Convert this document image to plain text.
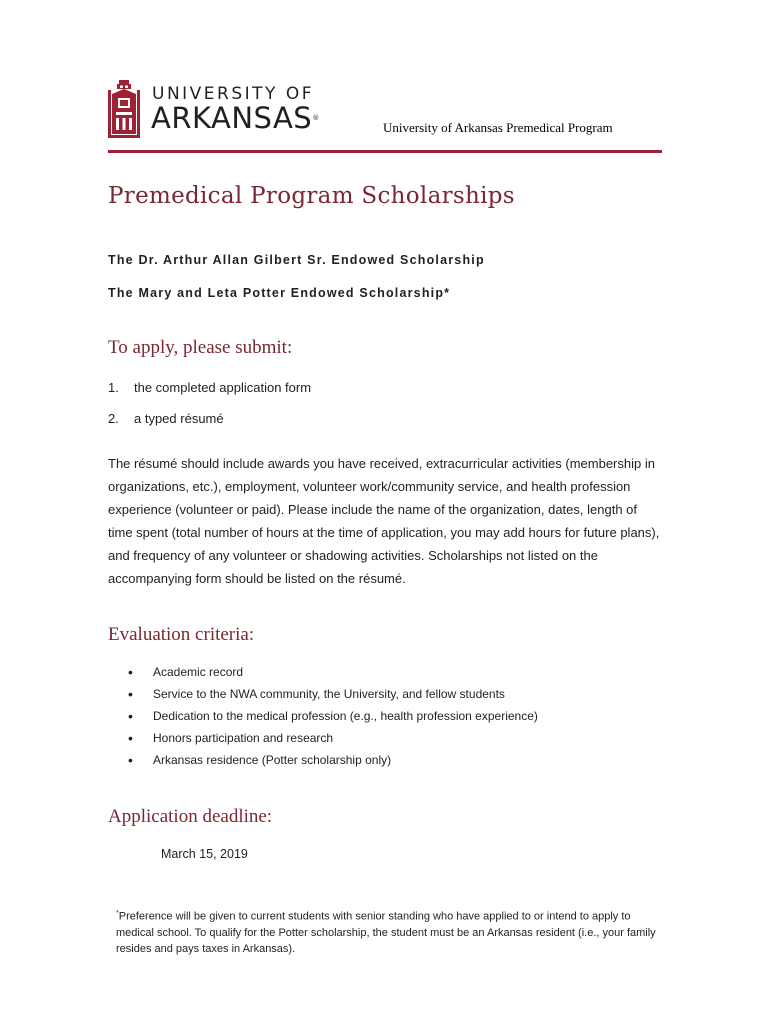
UNIVERSITY OF
ARKANSAS®
University of Arkansas Premedical Program
Premedical Program Scholarships
The Dr. Arthur Allan Gilbert Sr. Endowed Scholarship
The Mary and Leta Potter Endowed Scholarship*
To apply, please submit:
1. the completed application form
2. a typed résumé
The résumé should include awards you have received, extracurricular activities (membership in organizations, etc.), employment, volunteer work/community service, and health profession experience (volunteer or paid). Please include the name of the organization, dates, length of time spent (total number of hours at the time of application, you may add hours for future plans), and frequency of any volunteer or shadowing activities. Scholarships not listed on the accompanying form should be listed on the résumé.
Evaluation criteria:
• Academic record
• Service to the NWA community, the University, and fellow students
• Dedication to the medical profession (e.g., health profession experience)
• Honors participation and research
• Arkansas residence (Potter scholarship only)
Application deadline:
March 15, 2019
*Preference will be given to current students with senior standing who have applied to or intend to apply to medical school. To qualify for the Potter scholarship, the student must be an Arkansas resident (i.e., your family resides and pays taxes in Arkansas).
